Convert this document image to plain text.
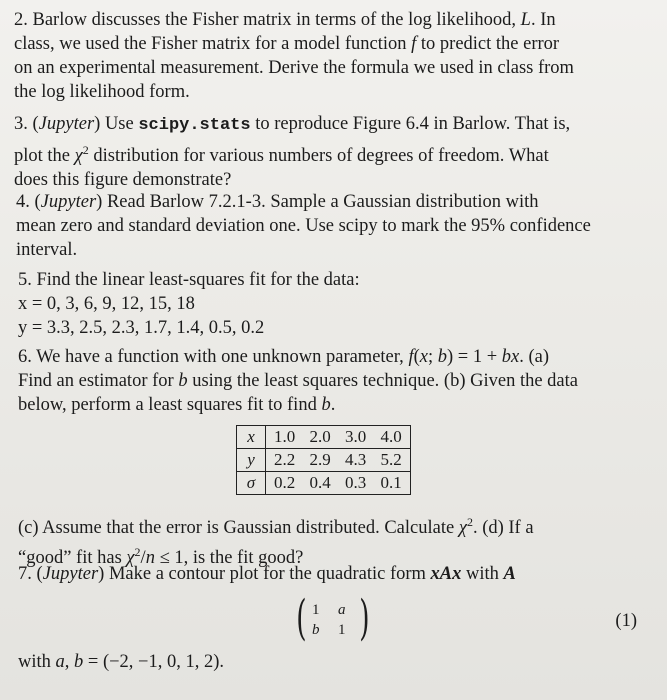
2. Barlow discusses the Fisher matrix in terms of the log likelihood, L. In
class, we used the Fisher matrix for a model function f to predict the error
on an experimental measurement. Derive the formula we used in class from
the log likelihood form.
3. (Jupyter) Use scipy.stats to reproduce Figure 6.4 in Barlow. That is,
plot the $\chi^2$ distribution for various numbers of degrees of freedom. What
does this figure demonstrate?
4. (Jupyter) Read Barlow 7.2.1-3. Sample a Gaussian distribution with
mean zero and standard deviation one. Use scipy to mark the 95% confidence
interval.
5. Find the linear least-squares fit for the data:
x = 0, 3, 6, 9, 12, 15, 18
y = 3.3, 2.5, 2.3, 1.7, 1.4, 0.5, 0.2
6. We have a function with one unknown parameter, f(x; b) = 1 + bx. (a)
Find an estimator for b using the least squares technique. (b) Given the data
below, perform a least squares fit to find b.
x	1.0 2.0 3.0 4.0
y	2.2 2.9 4.3 5.2
σ	0.2 0.4 0.3 0.1
(c) Assume that the error is Gaussian distributed. Calculate $\chi^2$. (d) If a
“good” fit has $\chi^2/n \le 1$, is the fit good?
7. (Jupyter) Make a contour plot for the quadratic form xAx with A
( 1 a
b 1 )	(1)
with a, b = (−2, −1, 0, 1, 2).
